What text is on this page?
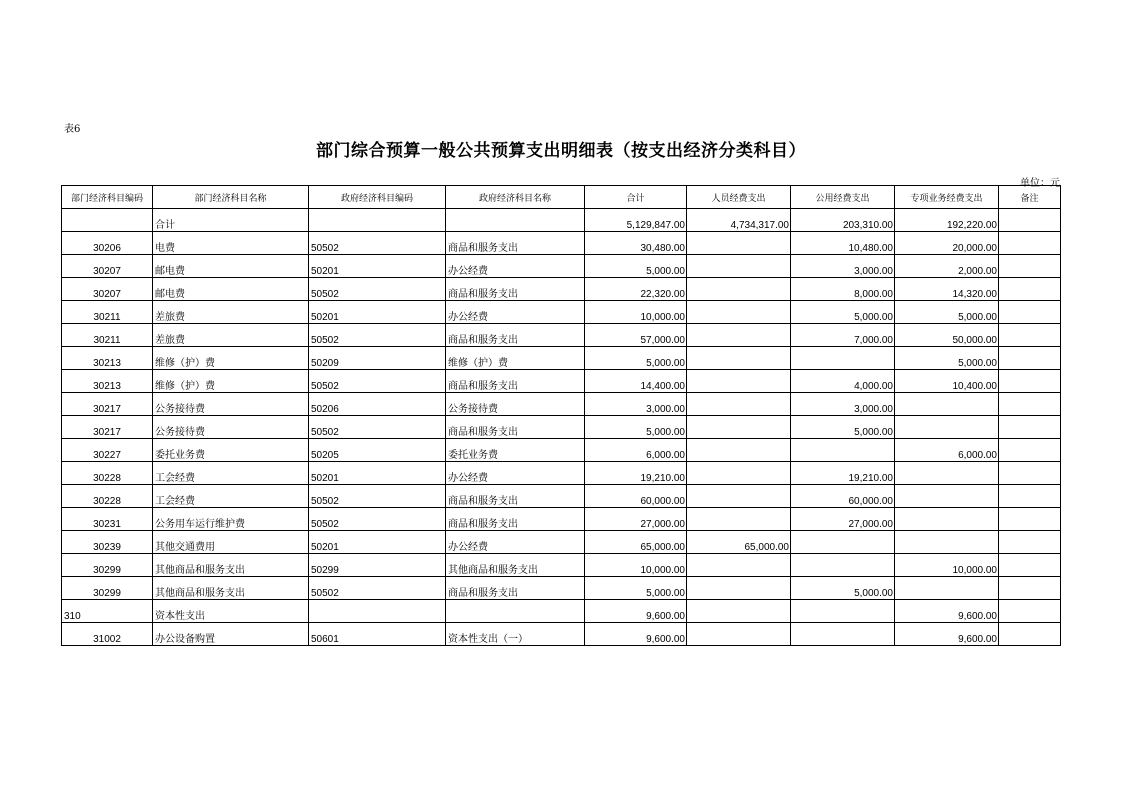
表6
部门综合预算一般公共预算支出明细表（按支出经济分类科目）
单位：元
部门经济科目编码	部门经济科目名称	政府经济科目编码	政府经济科目名称	合计	人员经费支出	公用经费支出	专项业务经费支出	备注
	合计			5,129,847.00	4,734,317.00	203,310.00	192,220.00	
30206	电费	50502	商品和服务支出	30,480.00		10,480.00	20,000.00	
30207	邮电费	50201	办公经费	5,000.00		3,000.00	2,000.00	
30207	邮电费	50502	商品和服务支出	22,320.00		8,000.00	14,320.00	
30211	差旅费	50201	办公经费	10,000.00		5,000.00	5,000.00	
30211	差旅费	50502	商品和服务支出	57,000.00		7,000.00	50,000.00	
30213	维修（护）费	50209	维修（护）费	5,000.00			5,000.00	
30213	维修（护）费	50502	商品和服务支出	14,400.00		4,000.00	10,400.00	
30217	公务接待费	50206	公务接待费	3,000.00		3,000.00		
30217	公务接待费	50502	商品和服务支出	5,000.00		5,000.00		
30227	委托业务费	50205	委托业务费	6,000.00			6,000.00	
30228	工会经费	50201	办公经费	19,210.00		19,210.00		
30228	工会经费	50502	商品和服务支出	60,000.00		60,000.00		
30231	公务用车运行维护费	50502	商品和服务支出	27,000.00		27,000.00		
30239	其他交通费用	50201	办公经费	65,000.00	65,000.00			
30299	其他商品和服务支出	50299	其他商品和服务支出	10,000.00			10,000.00	
30299	其他商品和服务支出	50502	商品和服务支出	5,000.00		5,000.00		
310	资本性支出			9,600.00			9,600.00	
31002	办公设备购置	50601	资本性支出（一）	9,600.00			9,600.00	
